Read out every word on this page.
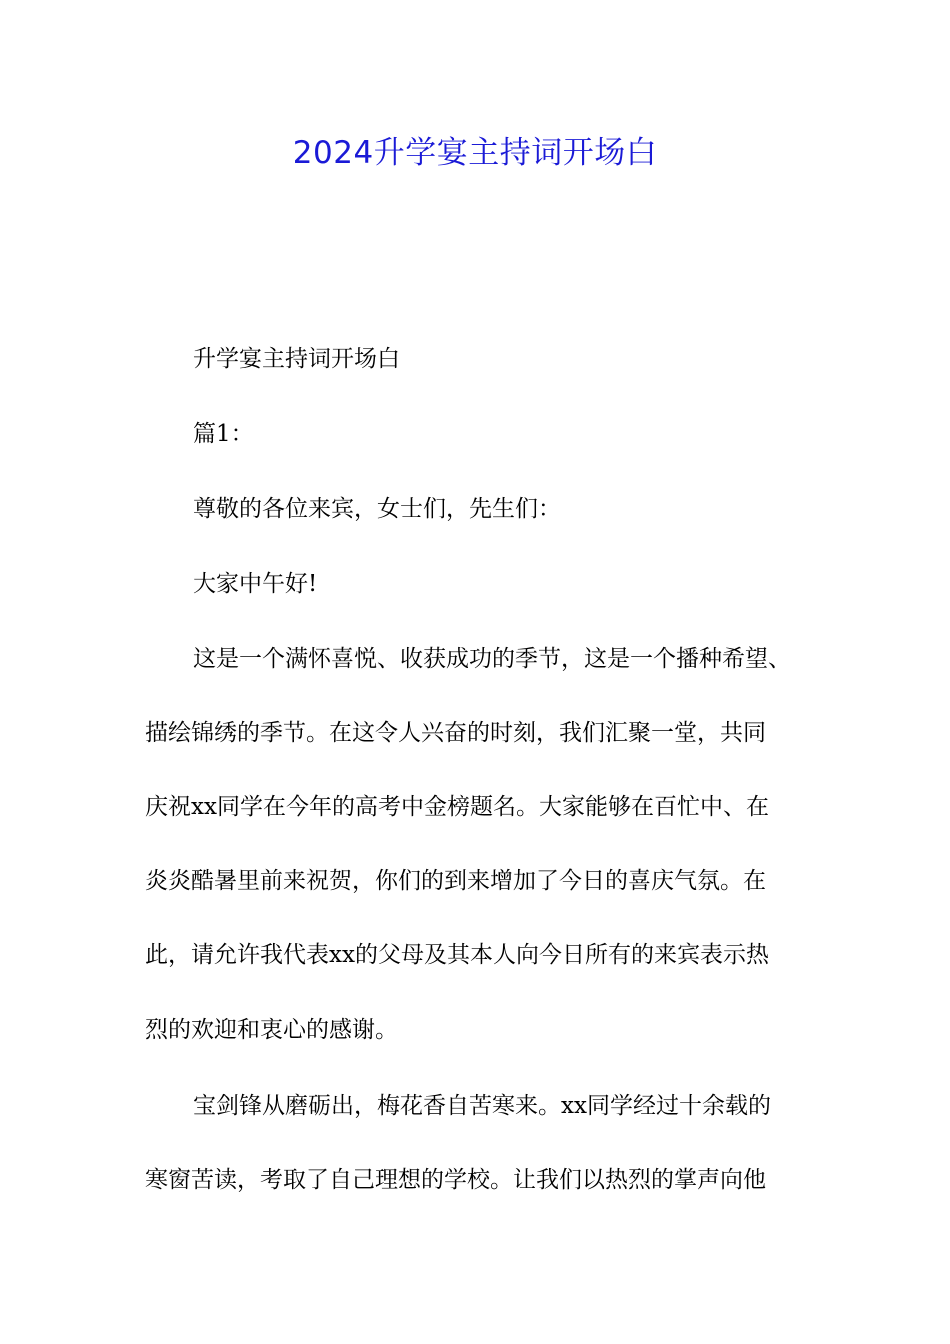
2024升学宴主持词开场白
升学宴主持词开场白
篇1：
尊敬的各位来宾，女士们，先生们：
大家中午好!
这是一个满怀喜悦、收获成功的季节，这是一个播种希望、
描绘锦绣的季节。在这令人兴奋的时刻，我们汇聚一堂，共同
庆祝xx同学在今年的高考中金榜题名。大家能够在百忙中、在
炎炎酷暑里前来祝贺，你们的到来增加了今日的喜庆气氛。在
此，请允许我代表xx的父母及其本人向今日所有的来宾表示热
烈的欢迎和衷心的感谢。
宝剑锋从磨砺出，梅花香自苦寒来。xx同学经过十余载的
寒窗苦读，考取了自己理想的学校。让我们以热烈的掌声向他
